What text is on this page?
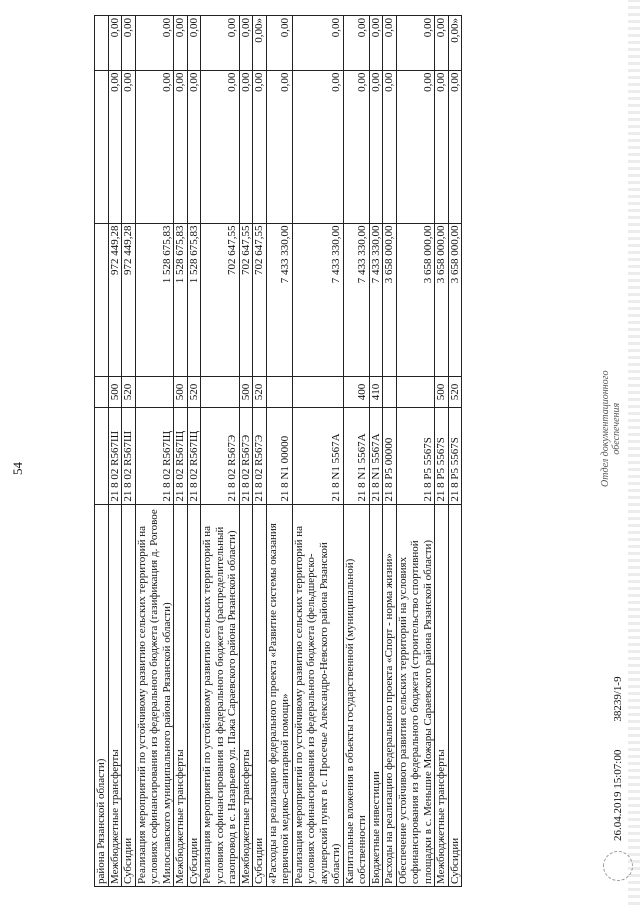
54
района Рязанской области)					
Межбюджетные трансферты	21 8 02 R567Ш	500	972 449,28	0,00	0,00
Субсидии	21 8 02 R567Ш	520	972 449,28	0,00	0,00
Реализация мероприятий по устойчивому развитию сельских территорий на условиях софинансирования из федерального бюджета (газификация д. Роговое Милославского муниципального района Рязанской области)	21 8 02 R567Щ		1 528 675,83	0,00	0,00
Межбюджетные трансферты	21 8 02 R567Щ	500	1 528 675,83	0,00	0,00
Субсидии	21 8 02 R567Щ	520	1 528 675,83	0,00	0,00
Реализация мероприятий по устойчивому развитию сельских территорий на условиях софинансирования из федерального бюджета (распределительный газопровод в с. Назарьево ул. Пажа Сараевского района Рязанской области)	21 8 02 R567Э		702 647,55	0,00	0,00
Межбюджетные трансферты	21 8 02 R567Э	500	702 647,55	0,00	0,00
Субсидии	21 8 02 R567Э	520	702 647,55	0,00	0,00»
«Расходы на реализацию федерального проекта «Развитие системы оказания первичной медико-санитарной помощи»	21 8 N1 00000		7 433 330,00	0,00	0,00
Реализация мероприятий по устойчивому развитию сельских территорий на условиях софинансирования из федерального бюджета (фельдшерско-акушерский пункт в с. Просечье Александро-Невского района Рязанской области)	21 8 N1 5567А		7 433 330,00	0,00	0,00
Капитальные вложения в объекты государственной (муниципальной) собственности	21 8 N1 5567А	400	7 433 330,00	0,00	0,00
Бюджетные инвестиции	21 8 N1 5567А	410	7 433 330,00	0,00	0,00
Расходы на реализацию федерального проекта «Спорт - норма жизни»	21 8 P5 00000		3 658 000,00	0,00	0,00
Обеспечение устойчивого развития сельских территорий на условиях софинансирования из федерального бюджета (строительство спортивной площадки в с. Меньшие Можары Сараевского района Рязанской области)	21 8 P5 5567S		3 658 000,00	0,00	0,00
Межбюджетные трансферты	21 8 P5 5567S	500	3 658 000,00	0,00	0,00
Субсидии	21 8 P5 5567S	520	3 658 000,00	0,00	0,00»
26.04.2019 15:07:00
38239/1-9
Отдел документационного обеспечения
